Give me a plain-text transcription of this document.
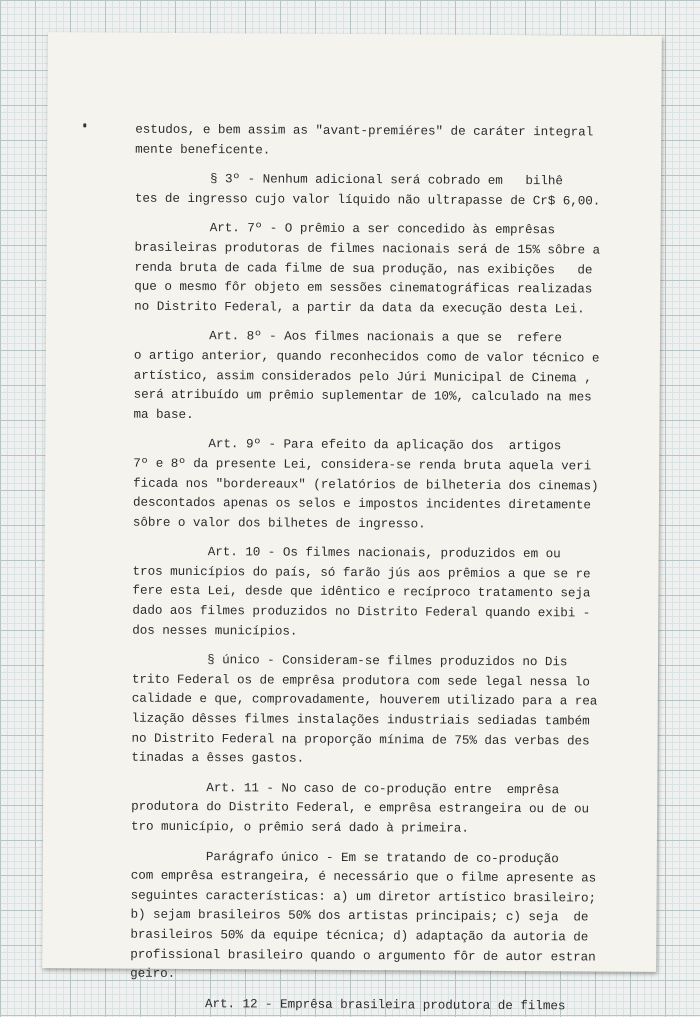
estudos, e bem assim as "avant-premiéres" de caráter integral
mente beneficente.
§ 3º - Nenhum adicional será cobrado em   bilhê
tes de ingresso cujo valor líquido não ultrapasse de Cr$ 6,00.
Art. 7º - O prêmio a ser concedido às emprêsas
brasileiras produtoras de filmes nacionais será de 15% sôbre a
renda bruta de cada filme de sua produção, nas exibições   de
que o mesmo fôr objeto em sessões cinematográficas realizadas
no Distrito Federal, a partir da data da execução desta Lei.
Art. 8º - Aos filmes nacionais a que se  refere
o artigo anterior, quando reconhecidos como de valor técnico e
artístico, assim considerados pelo Júri Municipal de Cinema ,
será atribuído um prêmio suplementar de 10%, calculado na mes
ma base.
Art. 9º - Para efeito da aplicação dos  artigos
7º e 8º da presente Lei, considera-se renda bruta aquela veri
ficada nos "bordereaux" (relatórios de bilheteria dos cinemas)
descontados apenas os selos e impostos incidentes diretamente
sôbre o valor dos bilhetes de ingresso.
Art. 10 - Os filmes nacionais, produzidos em ou
tros municípios do país, só farão jús aos prêmios a que se re
fere esta Lei, desde que idêntico e recíproco tratamento seja
dado aos filmes produzidos no Distrito Federal quando exibi -
dos nesses municípios.
§ único - Consideram-se filmes produzidos no Dis
trito Federal os de emprêsa produtora com sede legal nessa lo
calidade e que, comprovadamente, houverem utilizado para a rea
lização dêsses filmes instalações industriais sediadas também
no Distrito Federal na proporção mínima de 75% das verbas des
tinadas a êsses gastos.
Art. 11 - No caso de co-produção entre  emprêsa
produtora do Distrito Federal, e emprêsa estrangeira ou de ou
tro município, o prêmio será dado à primeira.
Parágrafo único - Em se tratando de co-produção
com emprêsa estrangeira, é necessário que o filme apresente as
seguintes características: a) um diretor artístico brasileiro;
b) sejam brasileiros 50% dos artistas principais; c) seja  de
brasileiros 50% da equipe técnica; d) adaptação da autoria de
profissional brasileiro quando o argumento fôr de autor estran
geiro.
Art. 12 - Emprêsa brasileira produtora de filmes
